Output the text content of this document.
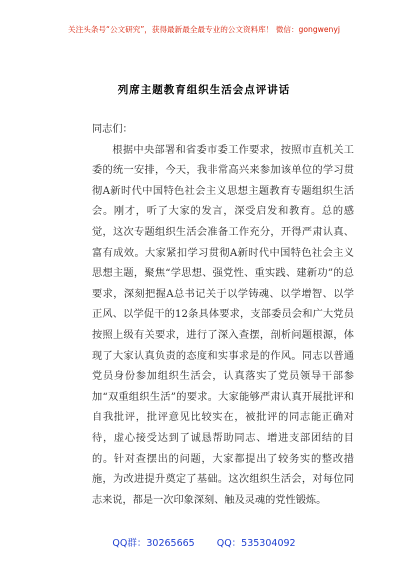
关注头条号“公文研究”，获得最新最全最专业的公文资料库！ 微信：gongwenyj
列席主题教育组织生活会点评讲话

同志们：

根据中央部署和省委市委工作要求，按照市直机关工委的统一安排，今天，我非常高兴来参加该单位的学习贯彻A新时代中国特色社会主义思想主题教育专题组织生活会。刚才，听了大家的发言，深受启发和教育。总的感觉，这次专题组织生活会准备工作充分，开得严肃认真、富有成效。大家紧扣学习贯彻A新时代中国特色社会主义思想主题，聚焦“学思想、强党性、重实践、建新功”的总要求，深刻把握A总书记关于以学铸魂、以学增智、以学正风、以学促干的12条具体要求，支部委员会和广大党员按照上级有关要求，进行了深入查摆，剖析问题根源，体现了大家认真负责的态度和实事求是的作风。同志以普通党员身份参加组织生活会，认真落实了党员领导干部参加“双重组织生活”的要求。大家能够严肃认真开展批评和自我批评，批评意见比较实在，被批评的同志能正确对待，虚心接受达到了诚恳帮助同志、增进支部团结的目的。针对查摆出的问题，大家都提出了较务实的整改措施，为改进提升奠定了基础。这次组织生活会，对每位同志来说，都是一次印象深刻、触及灵魂的党性锻炼。

QQ群：30265665 QQ：535304092
